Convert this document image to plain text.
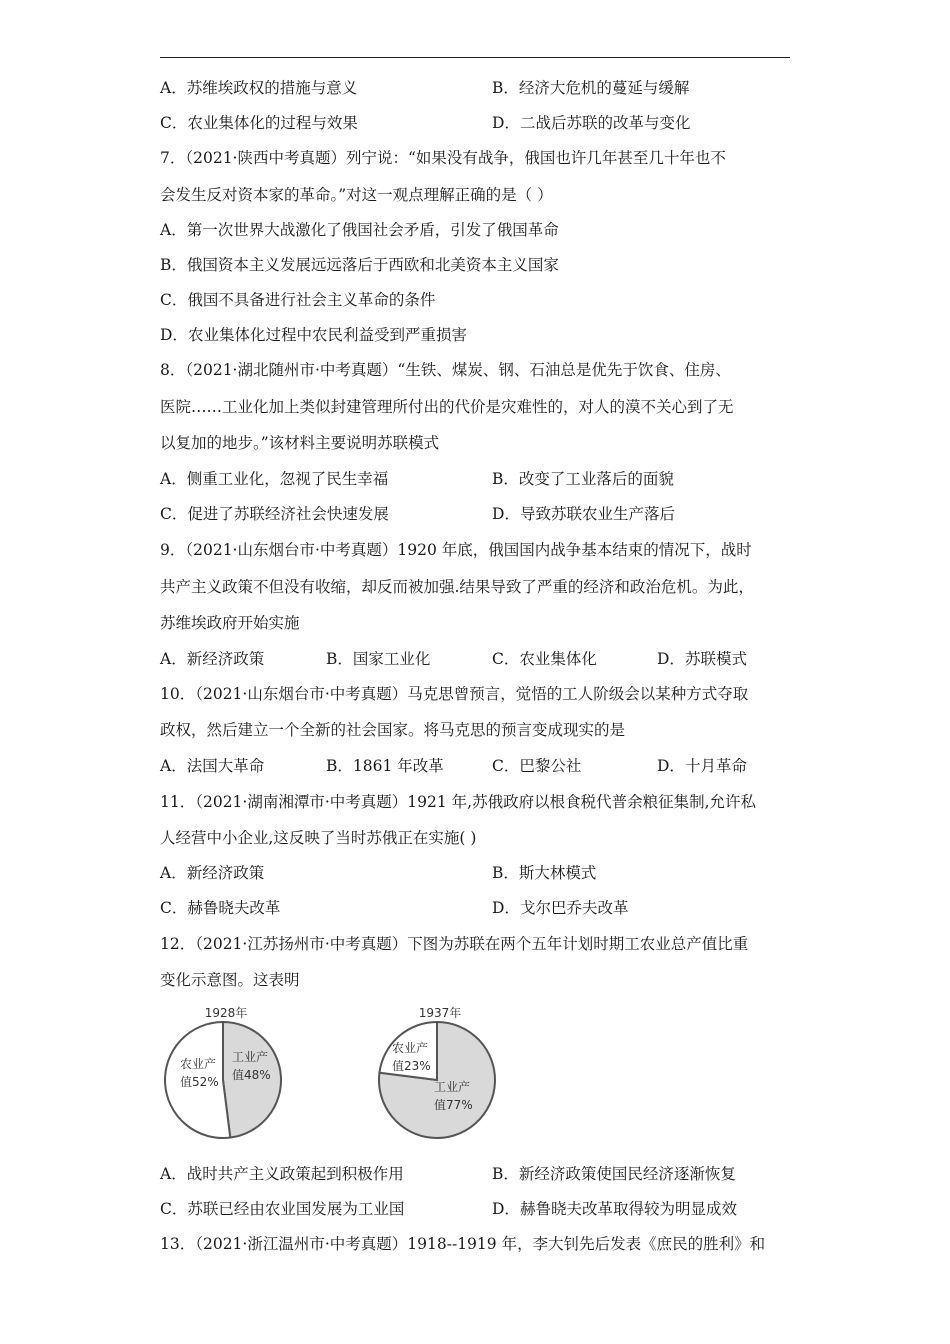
A．苏维埃政权的措施与意义	B．经济大危机的蔓延与缓解
C．农业集体化的过程与效果	D．二战后苏联的改革与变化
7．（2021·陕西中考真题）列宁说：“如果没有战争，俄国也许几年甚至几十年也不
会发生反对资本家的革命。”对这一观点理解正确的是（ ）
A．第一次世界大战激化了俄国社会矛盾，引发了俄国革命
B．俄国资本主义发展远远落后于西欧和北美资本主义国家
C．俄国不具备进行社会主义革命的条件
D．农业集体化过程中农民利益受到严重损害
8．（2021·湖北随州市·中考真题）“生铁、煤炭、钢、石油总是优先于饮食、住房、
医院……工业化加上类似封建管理所付出的代价是灾难性的，对人的漠不关心到了无
以复加的地步。”该材料主要说明苏联模式
A．侧重工业化，忽视了民生幸福	B．改变了工业落后的面貌
C．促进了苏联经济社会快速发展	D．导致苏联农业生产落后
9．（2021·山东烟台市·中考真题）1920 年底，俄国国内战争基本结束的情况下，战时
共产主义政策不但没有收缩，却反而被加强.结果导致了严重的经济和政治危机。为此，
苏维埃政府开始实施
A．新经济政策	B．国家工业化	C．农业集体化	D．苏联模式
10．（2021·山东烟台市·中考真题）马克思曾预言，觉悟的工人阶级会以某种方式夺取
政权，然后建立一个全新的社会国家。将马克思的预言变成现实的是
A．法国大革命	B．1861 年改革	C．巴黎公社	D．十月革命
11．（2021·湖南湘潭市·中考真题）1921 年,苏俄政府以根食税代普余粮征集制,允许私
人经营中小企业,这反映了当时苏俄正在实施( )
A．新经济政策	B．斯大林模式
C．赫鲁晓夫改革	D．戈尔巴乔夫改革
12．（2021·江苏扬州市·中考真题）下图为苏联在两个五年计划时期工农业总产值比重
变化示意图。这表明
1928年
农业产
值52%
工业产
值48%
1937年
农业产
值23%
工业产
值77%
A．战时共产主义政策起到积极作用	B．新经济政策使国民经济逐渐恢复
C．苏联已经由农业国发展为工业国	D．赫鲁晓夫改革取得较为明显成效
13．（2021·浙江温州市·中考真题）1918--1919 年，李大钊先后发表《庶民的胜利》和
